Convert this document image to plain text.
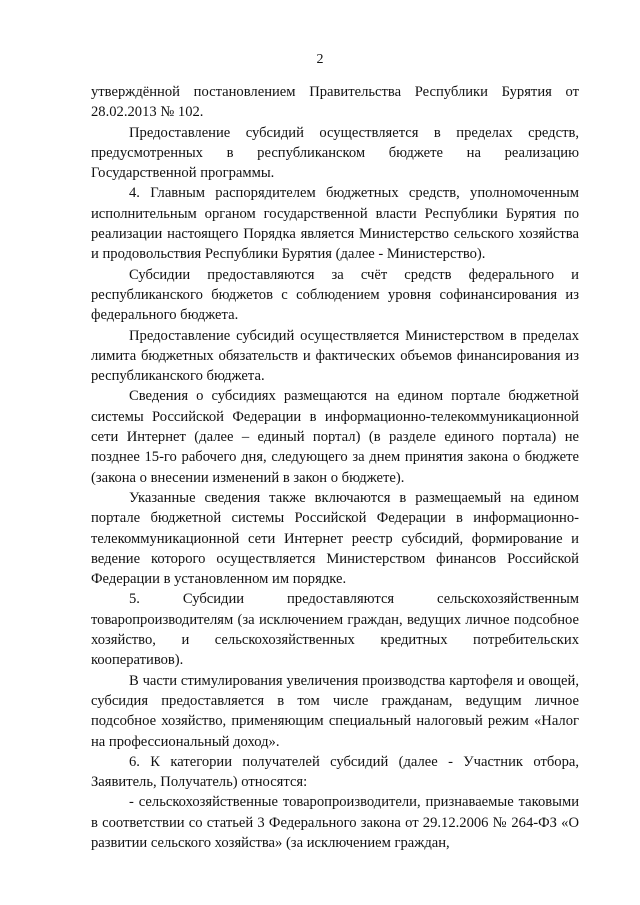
2

утверждённой постановлением Правительства Республики Бурятия от 28.02.2013 № 102.

Предоставление субсидий осуществляется в пределах средств, предусмотренных в республиканском бюджете на реализацию Государственной программы.

4. Главным распорядителем бюджетных средств, уполномоченным исполнительным органом государственной власти Республики Бурятия по реализации настоящего Порядка является Министерство сельского хозяйства и продовольствия Республики Бурятия (далее - Министерство).

Субсидии предоставляются за счёт средств федерального и республиканского бюджетов с соблюдением уровня софинансирования из федерального бюджета.

Предоставление субсидий осуществляется Министерством в пределах лимита бюджетных обязательств и фактических объемов финансирования из республиканского бюджета.

Сведения о субсидиях размещаются на едином портале бюджетной системы Российской Федерации в информационно-телекоммуникационной сети Интернет (далее – единый портал) (в разделе единого портала) не позднее 15-го рабочего дня, следующего за днем принятия закона о бюджете (закона о внесении изменений в закон о бюджете).

Указанные сведения также включаются в размещаемый на едином портале бюджетной системы Российской Федерации в информационно-телекоммуникационной сети Интернет реестр субсидий, формирование и ведение которого осуществляется Министерством финансов Российской Федерации в установленном им порядке.

5. Субсидии предоставляются сельскохозяйственным товаропроизводителям (за исключением граждан, ведущих личное подсобное хозяйство, и сельскохозяйственных кредитных потребительских кооперативов).

В части стимулирования увеличения производства картофеля и овощей, субсидия предоставляется в том числе гражданам, ведущим личное подсобное хозяйство, применяющим специальный налоговый режим «Налог на профессиональный доход».

6. К категории получателей субсидий (далее - Участник отбора, Заявитель, Получатель) относятся:

- сельскохозяйственные товаропроизводители, признаваемые таковыми в соответствии со статьей 3 Федерального закона от 29.12.2006 № 264-ФЗ «О развитии сельского хозяйства» (за исключением граждан,
